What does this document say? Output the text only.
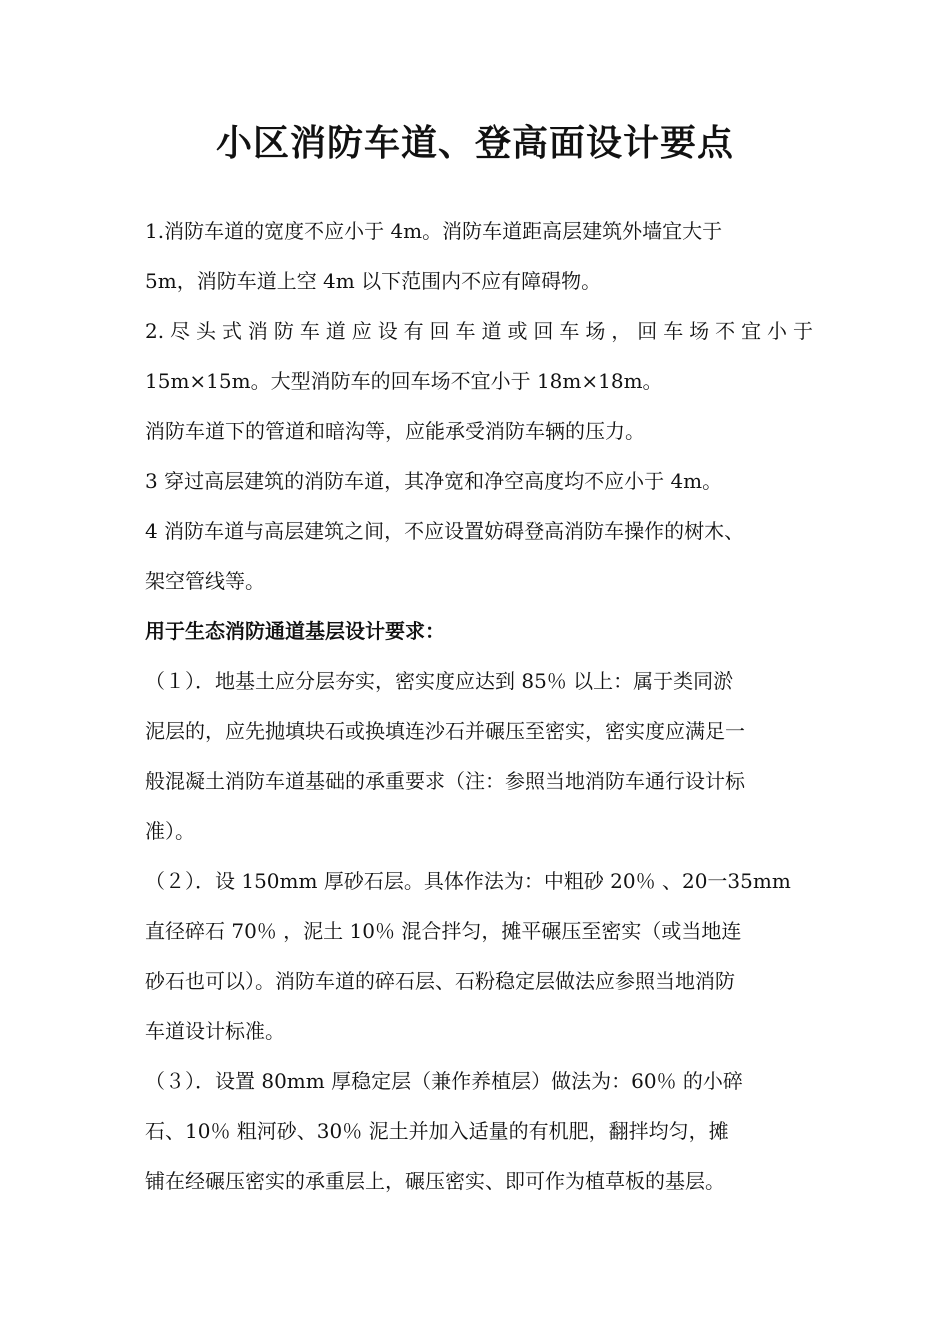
小区消防车道、登高面设计要点
1.消防车道的宽度不应小于 4m。消防车道距高层建筑外墙宜大于
5m，消防车道上空 4m 以下范围内不应有障碍物。
2.尽头式消防车道应设有回车道或回车场，回车场不宜小于
15m×15m。大型消防车的回车场不宜小于 18m×18m。
消防车道下的管道和暗沟等，应能承受消防车辆的压力。
3 穿过高层建筑的消防车道，其净宽和净空高度均不应小于 4m。
4 消防车道与高层建筑之间，不应设置妨碍登高消防车操作的树木、
架空管线等。
用于生态消防通道基层设计要求：
（１）．地基土应分层夯实，密实度应达到 85％ 以上：属于类同淤
泥层的，应先抛填块石或换填连沙石并碾压至密实，密实度应满足一
般混凝土消防车道基础的承重要求（注：参照当地消防车通行设计标
准）。
（２）．设 150mm 厚砂石层。具体作法为：中粗砂 20％ 、20一35mm
直径碎石 70％ ，泥土 10％ 混合拌匀，摊平碾压至密实（或当地连
砂石也可以）。消防车道的碎石层、石粉稳定层做法应参照当地消防
车道设计标准。
（３）．设置 80mm 厚稳定层（兼作养植层）做法为：60％ 的小碎
石、10％ 粗河砂、30％ 泥土并加入适量的有机肥，翻拌均匀，摊
铺在经碾压密实的承重层上，碾压密实、即可作为植草板的基层。
